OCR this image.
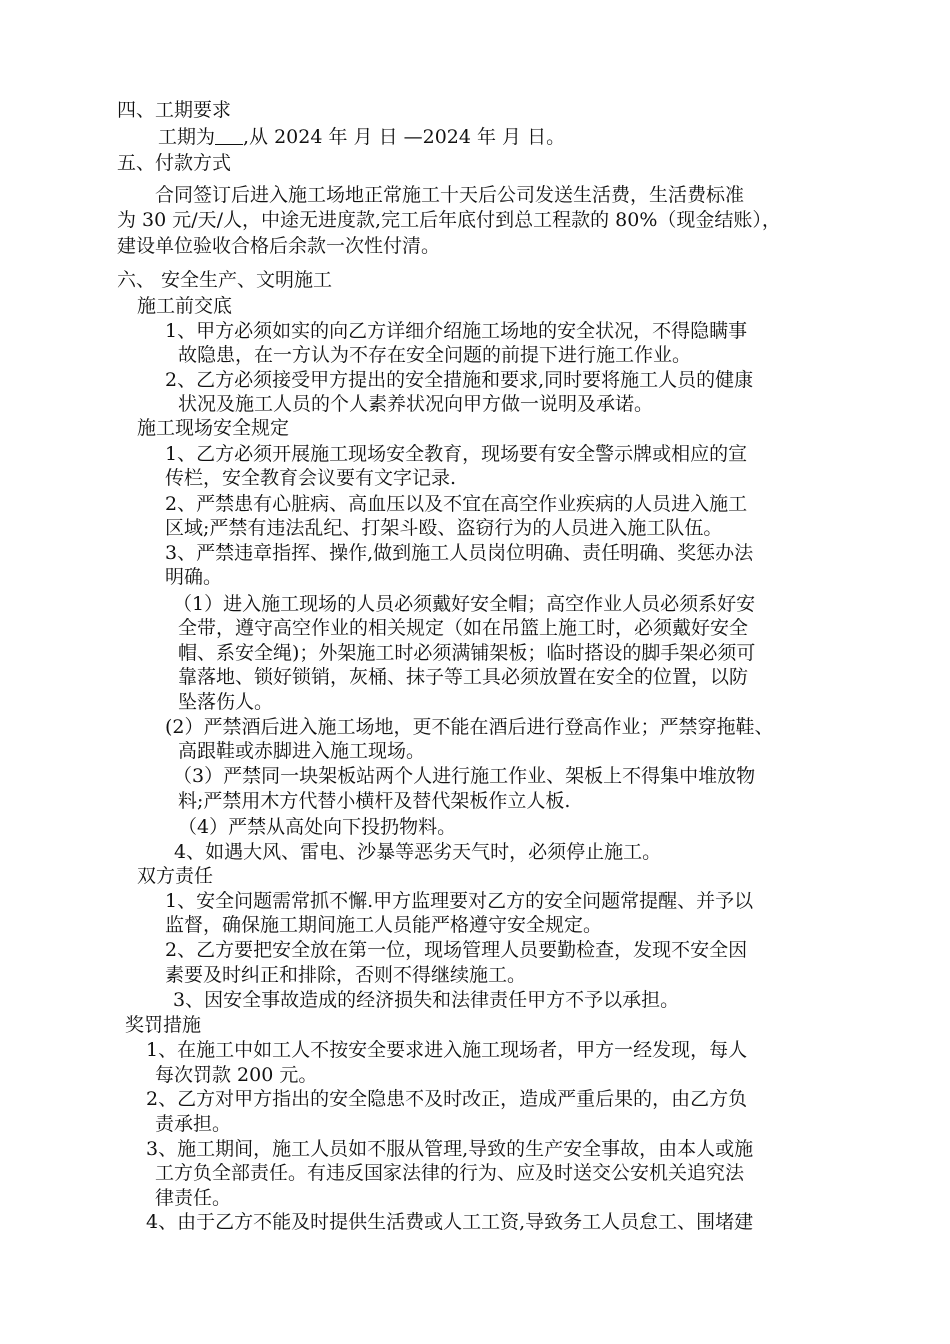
四、工期要求
工期为 ,从 2024 年 月 日 —2024 年 月 日。
五、付款方式
合同签订后进入施工场地正常施工十天后公司发送生活费，生活费标准
为 30 元/天/人，中途无进度款,完工后年底付到总工程款的 80%（现金结账），
建设单位验收合格后余款一次性付清。
六、 安全生产、文明施工
施工前交底
1、甲方必须如实的向乙方详细介绍施工场地的安全状况，不得隐瞒事
故隐患，在一方认为不存在安全问题的前提下进行施工作业。
2、乙方必须接受甲方提出的安全措施和要求,同时要将施工人员的健康
状况及施工人员的个人素养状况向甲方做一说明及承诺。
施工现场安全规定
1、乙方必须开展施工现场安全教育，现场要有安全警示牌或相应的宣
传栏，安全教育会议要有文字记录.
2、严禁患有心脏病、高血压以及不宜在高空作业疾病的人员进入施工
区域;严禁有违法乱纪、打架斗殴、盗窃行为的人员进入施工队伍。
3、严禁违章指挥、操作,做到施工人员岗位明确、责任明确、奖惩办法
明确。
（1）进入施工现场的人员必须戴好安全帽；高空作业人员必须系好安
全带，遵守高空作业的相关规定（如在吊篮上施工时，必须戴好安全
帽、系安全绳)；外架施工时必须满铺架板；临时搭设的脚手架必须可
靠落地、锁好锁销，灰桶、抹子等工具必须放置在安全的位置，以防
坠落伤人。
(2）严禁酒后进入施工场地，更不能在酒后进行登高作业；严禁穿拖鞋、
高跟鞋或赤脚进入施工现场。
（3）严禁同一块架板站两个人进行施工作业、架板上不得集中堆放物
料;严禁用木方代替小横杆及替代架板作立人板.
（4）严禁从高处向下投扔物料。
4、如遇大风、雷电、沙暴等恶劣天气时，必须停止施工。
双方责任
1、安全问题需常抓不懈.甲方监理要对乙方的安全问题常提醒、并予以
监督，确保施工期间施工人员能严格遵守安全规定。
2、乙方要把安全放在第一位，现场管理人员要勤检查，发现不安全因
素要及时纠正和排除，否则不得继续施工。
3、因安全事故造成的经济损失和法律责任甲方不予以承担。
奖罚措施
1、在施工中如工人不按安全要求进入施工现场者，甲方一经发现，每人
每次罚款 200 元。
2、乙方对甲方指出的安全隐患不及时改正，造成严重后果的，由乙方负
责承担。
3、施工期间，施工人员如不服从管理,导致的生产安全事故，由本人或施
工方负全部责任。有违反国家法律的行为、应及时送交公安机关追究法
律责任。
4、由于乙方不能及时提供生活费或人工工资,导致务工人员怠工、围堵建
